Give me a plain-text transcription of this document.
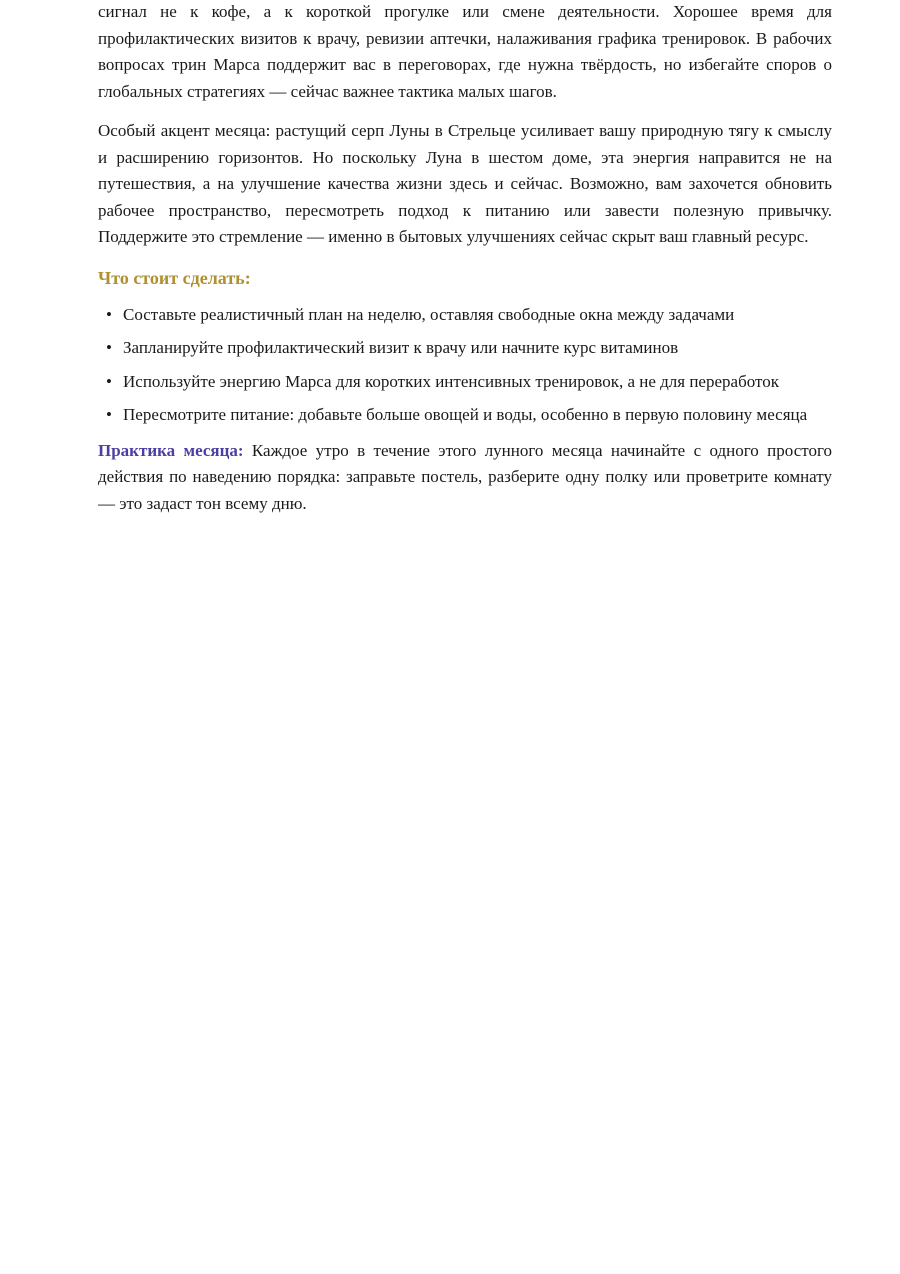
сигнал не к кофе, а к короткой прогулке или смене деятельности. Хорошее время для профилактических визитов к врачу, ревизии аптечки, налаживания графика тренировок. В рабочих вопросах трин Марса поддержит вас в переговорах, где нужна твёрдость, но избегайте споров о глобальных стратегиях — сейчас важнее тактика малых шагов.

Особый акцент месяца: растущий серп Луны в Стрельце усиливает вашу природную тягу к смыслу и расширению горизонтов. Но поскольку Луна в шестом доме, эта энергия направится не на путешествия, а на улучшение качества жизни здесь и сейчас. Возможно, вам захочется обновить рабочее пространство, пересмотреть подход к питанию или завести полезную привычку. Поддержите это стремление — именно в бытовых улучшениях сейчас скрыт ваш главный ресурс.

Что стоит сделать:
• Составьте реалистичный план на неделю, оставляя свободные окна между задачами
• Запланируйте профилактический визит к врачу или начните курс витаминов
• Используйте энергию Марса для коротких интенсивных тренировок, а не для переработок
• Пересмотрите питание: добавьте больше овощей и воды, особенно в первую половину месяца

Практика месяца: Каждое утро в течение этого лунного месяца начинайте с одного простого действия по наведению порядка: заправьте постель, разберите одну полку или проветрите комнату — это задаст тон всему дню.
